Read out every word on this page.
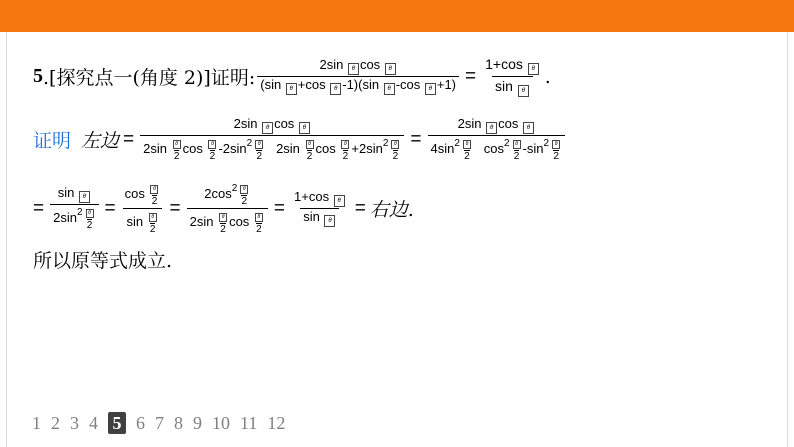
5 .[探究点一(角度 2)]证明: $\frac{\text{2sin θ cos θ}}{\text{(sin θ +cos θ -1)(sin θ -cos θ +1)}} = \frac{\text{1+cos θ}}{\text{sin θ}}$ .
证明 左边 = $\frac{\text{2sin θ cos θ}}{2\sin \frac{\theta}{2} \cos \frac{\theta}{2} -2\sin^2 \frac{\theta}{2} 2\sin \frac{\theta}{2} \cos \frac{\theta}{2} +2\sin^2 \frac{\theta}{2}} = \frac{\text{2sin θ cos θ}}{4\sin^2 \frac{\theta}{2} \cos^2 \frac{\theta}{2} -\sin^2 \frac{\theta}{2}}$
= $\frac{\text{sin θ}}{2\sin^2 \frac{\theta}{2}} = \frac{\cos \frac{\theta}{2}}{\sin \frac{\theta}{2}} = \frac{2\cos^2 \frac{\theta}{2}}{2\sin \frac{\theta}{2} \cos \frac{\theta}{2}} = \frac{\text{1+cos θ}}{\text{sin θ}}$ = 右边.
所以原等式成立.
1 2 3 4 5 6 7 8 9 10 11 12
